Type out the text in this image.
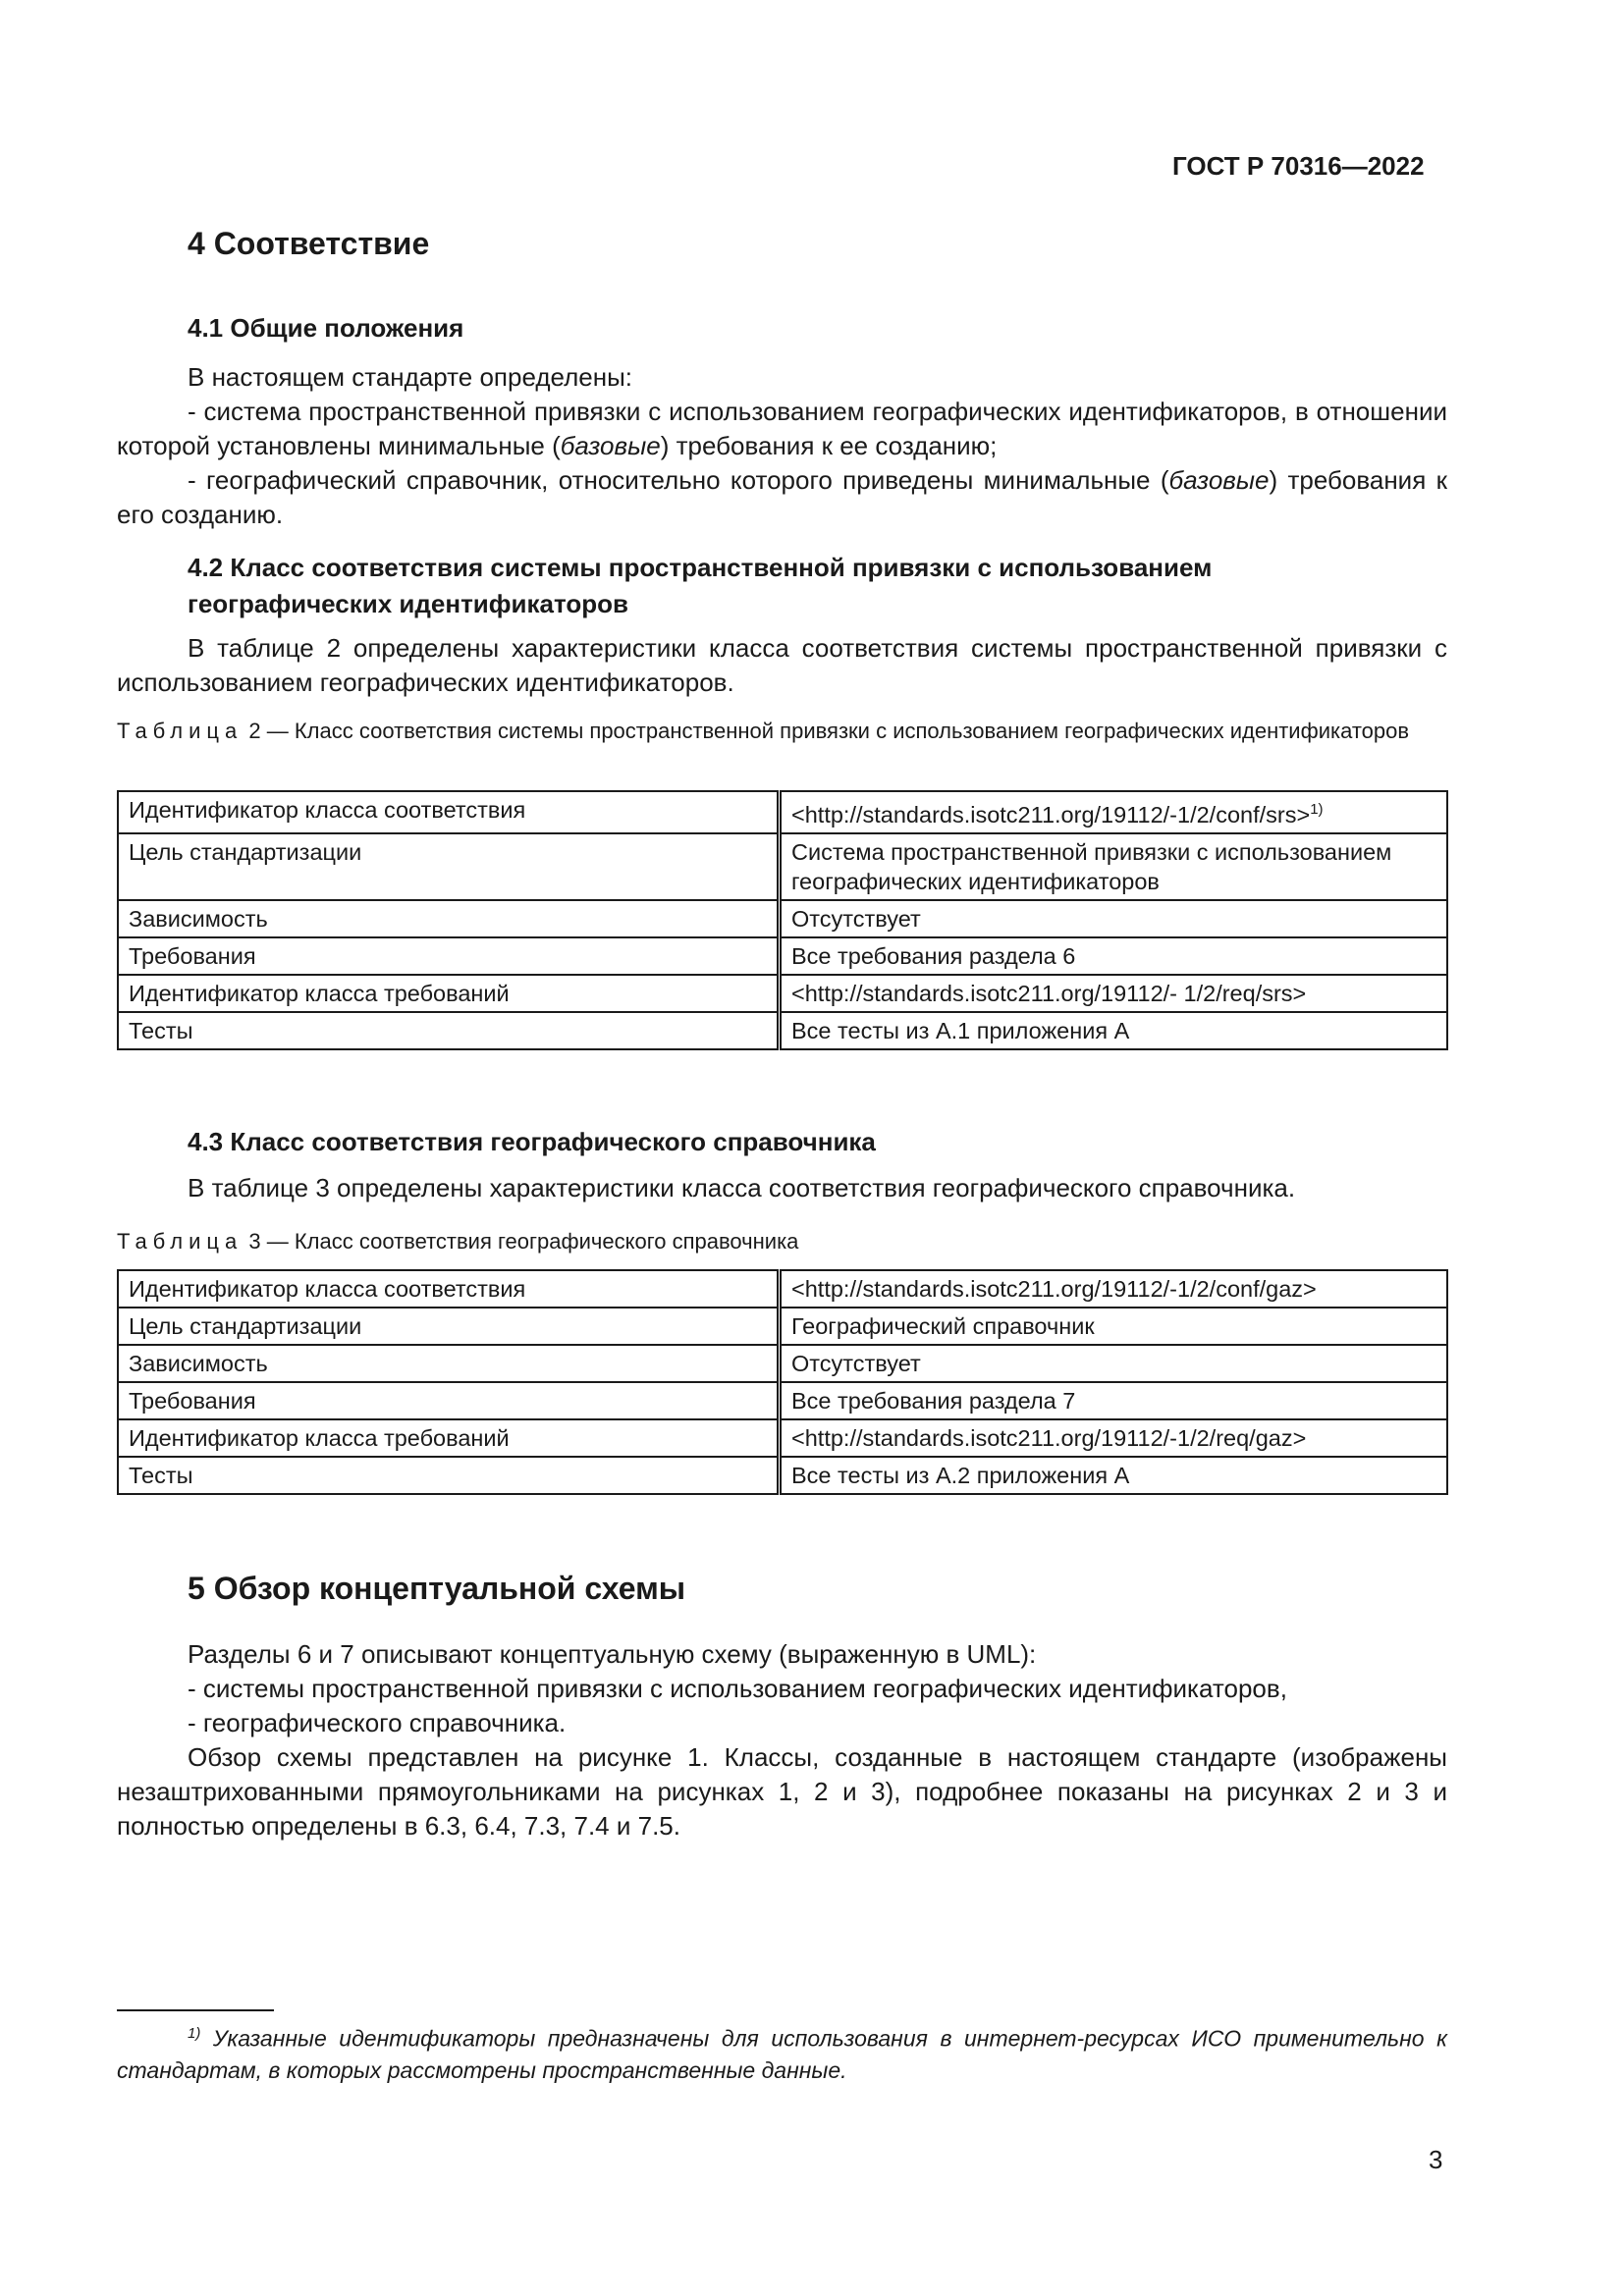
ГОСТ Р 70316—2022
4 Соответствие
4.1 Общие положения

В настоящем стандарте определены:

- система пространственной привязки с использованием географических идентификаторов, в отношении которой установлены минимальные (базовые) требования к ее созданию;

- географический справочник, относительно которого приведены минимальные (базовые) требования к его созданию.

4.2 Класс соответствия системы пространственной привязки с использованием
географических идентификаторов

В таблице 2 определены характеристики класса соответствия системы пространственной привязки с использованием географических идентификаторов.

Таблица 2 — Класс соответствия системы пространственной привязки с использованием географических идентификаторов
Идентификатор класса соответствия	<http://standards.isotc211.org/19112/-1/2/conf/srs>$^{1)}$
Цель стандартизации	Система пространственной привязки с использованием географических идентификаторов
Зависимость	Отсутствует
Требования	Все требования раздела 6
Идентификатор класса требований	<http://standards.isotc211.org/19112/- 1/2/req/srs>
Тесты	Все тесты из А.1 приложения А
4.3 Класс соответствия географического справочника

В таблице 3 определены характеристики класса соответствия географического справочника.

Таблица 3 — Класс соответствия географического справочника
Идентификатор класса соответствия	<http://standards.isotc211.org/19112/-1/2/conf/gaz>
Цель стандартизации	Географический справочник
Зависимость	Отсутствует
Требования	Все требования раздела 7
Идентификатор класса требований	<http://standards.isotc211.org/19112/-1/2/req/gaz>
Тесты	Все тесты из А.2 приложения А
5 Обзор концептуальной схемы

Разделы 6 и 7 описывают концептуальную схему (выраженную в UML):

- системы пространственной привязки с использованием географических идентификаторов,

- географического справочника.

Обзор схемы представлен на рисунке 1. Классы, созданные в настоящем стандарте (изображены незаштрихованными прямоугольниками на рисунках 1, 2 и 3), подробнее показаны на рисунках 2 и 3 и полностью определены в 6.3, 6.4, 7.3, 7.4 и 7.5.

$^{1)}$ Указанные идентификаторы предназначены для использования в интернет-ресурсах ИСО применительно к стандартам, в которых рассмотрены пространственные данные.
3
